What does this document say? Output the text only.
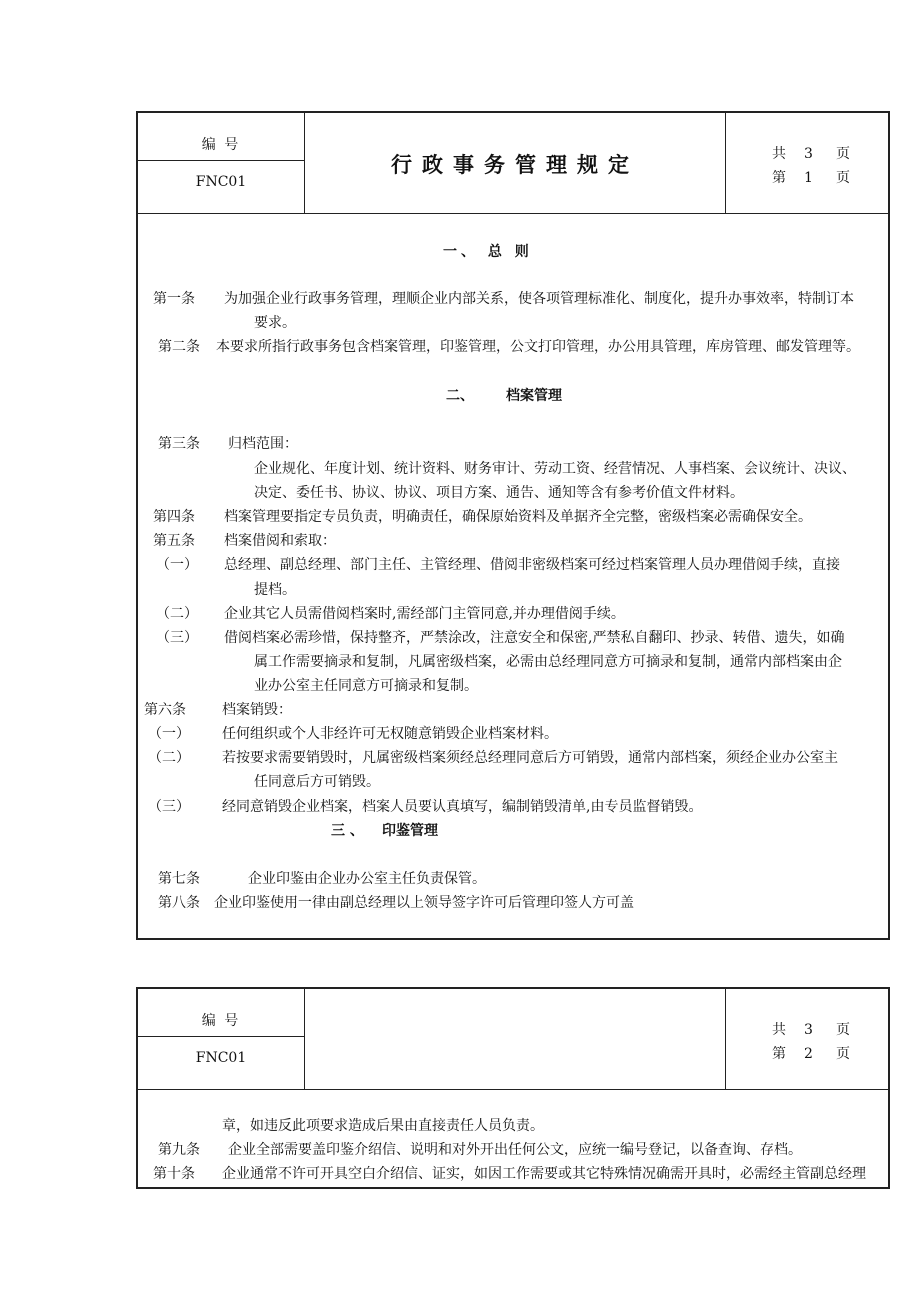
编 号
FNC01
行政事务管理规定	共 3 页
第 1 页
一、 总 则
第一条 为加强企业行政事务管理，理顺企业内部关系，使各项管理标准化、制度化，提升办事效率，特制订本
要求。
第二条 本要求所指行政事务包含档案管理，印鉴管理，公文打印管理，办公用具管理，库房管理、邮发管理等。
二、 档案管理
第三条 归档范围：
企业规化、年度计划、统计资料、财务审计、劳动工资、经营情况、人事档案、会议统计、决议、
决定、委任书、协议、协议、项目方案、通告、通知等含有参考价值文件材料。
第四条 档案管理要指定专员负责，明确责任，确保原始资料及单据齐全完整，密级档案必需确保安全。
第五条 档案借阅和索取：
（一） 总经理、副总经理、部门主任、主管经理、借阅非密级档案可经过档案管理人员办理借阅手续，直接
提档。
（二） 企业其它人员需借阅档案时,需经部门主管同意,并办理借阅手续。
（三） 借阅档案必需珍惜，保持整齐，严禁涂改，注意安全和保密,严禁私自翻印、抄录、转借、遗失，如确
属工作需要摘录和复制，凡属密级档案，必需由总经理同意方可摘录和复制，通常内部档案由企
业办公室主任同意方可摘录和复制。
第六条	档案销毁：
（一） 任何组织或个人非经许可无权随意销毁企业档案材料。
（二） 若按要求需要销毁时，凡属密级档案须经总经理同意后方可销毁，通常内部档案，须经企业办公室主
任同意后方可销毁。
（三） 经同意销毁企业档案，档案人员要认真填写，编制销毁清单,由专员监督销毁。
三 、 印鉴管理
第七条	企业印鉴由企业办公室主任负责保管。
第八条 企业印鉴使用一律由副总经理以上领导签字许可后管理印签人方可盖
编 号
FNC01
共 3 页
第 2 页
章，如违反此项要求造成后果由直接责任人员负责。
第九条 企业全部需要盖印鉴介绍信、说明和对外开出任何公文，应统一编号登记，以备查询、存档。
第十条 企业通常不许可开具空白介绍信、证实，如因工作需要或其它特殊情况确需开具时，必需经主管副总经理
